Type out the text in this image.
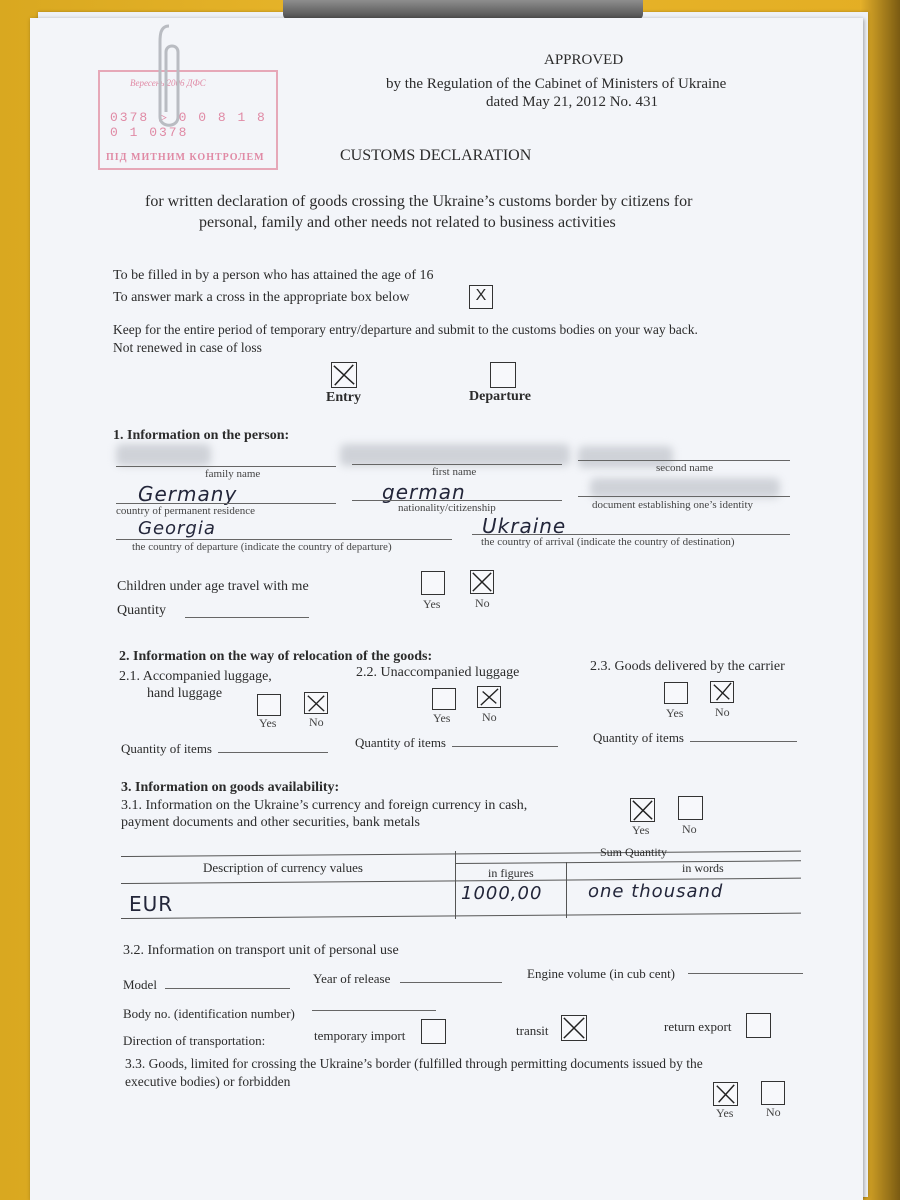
Вересень 2006 ДФС
0378 ▷ 0 0 8 1 8 0 1 0378
ПІД МИТНИМ КОНТРОЛЕМ
APPROVED
by the Regulation of the Cabinet of Ministers of Ukraine
dated May 21, 2012 No. 431
CUSTOMS DECLARATION
for written declaration of goods crossing the Ukraine’s customs border by citizens for
personal, family and other needs not related to business activities
To be filled in by a person who has attained the age of 16
To answer mark a cross in the appropriate box below	X
Keep for the entire period of temporary entry/departure and submit to the customs bodies on your way back.
Not renewed in case of loss
Entry	Departure
1. Information on the person:
family name	first name	second name
Germany	german
country of permanent residence	nationality/citizenship	document establishing one’s identity
Georgia	Ukraine
the country of departure (indicate the country of departure)	the country of arrival (indicate the country of destination)
Children under age travel with me
Yes	No
Quantity
2. Information on the way of relocation of the goods:
2.1. Accompanied luggage,
hand luggage
2.2. Unaccompanied luggage	2.3. Goods delivered by the carrier
Yes	No	Yes	No	Yes	No
Quantity of items	Quantity of items	Quantity of items
3. Information on goods availability:
3.1. Information on the Ukraine’s currency and foreign currency in cash,
payment documents and other securities, bank metals	Yes	No
Description of currency values
Sum Quantity
in figures	in words
EUR	1000,00	one thousand
3.2. Information on transport unit of personal use
Model	Year of release	Engine volume (in cub cent)
Body no. (identification number)
Direction of transportation:	temporary import	transit	return export
3.3. Goods, limited for crossing the Ukraine’s border (fulfilled through permitting documents issued by the
executive bodies) or forbidden
Yes	No
